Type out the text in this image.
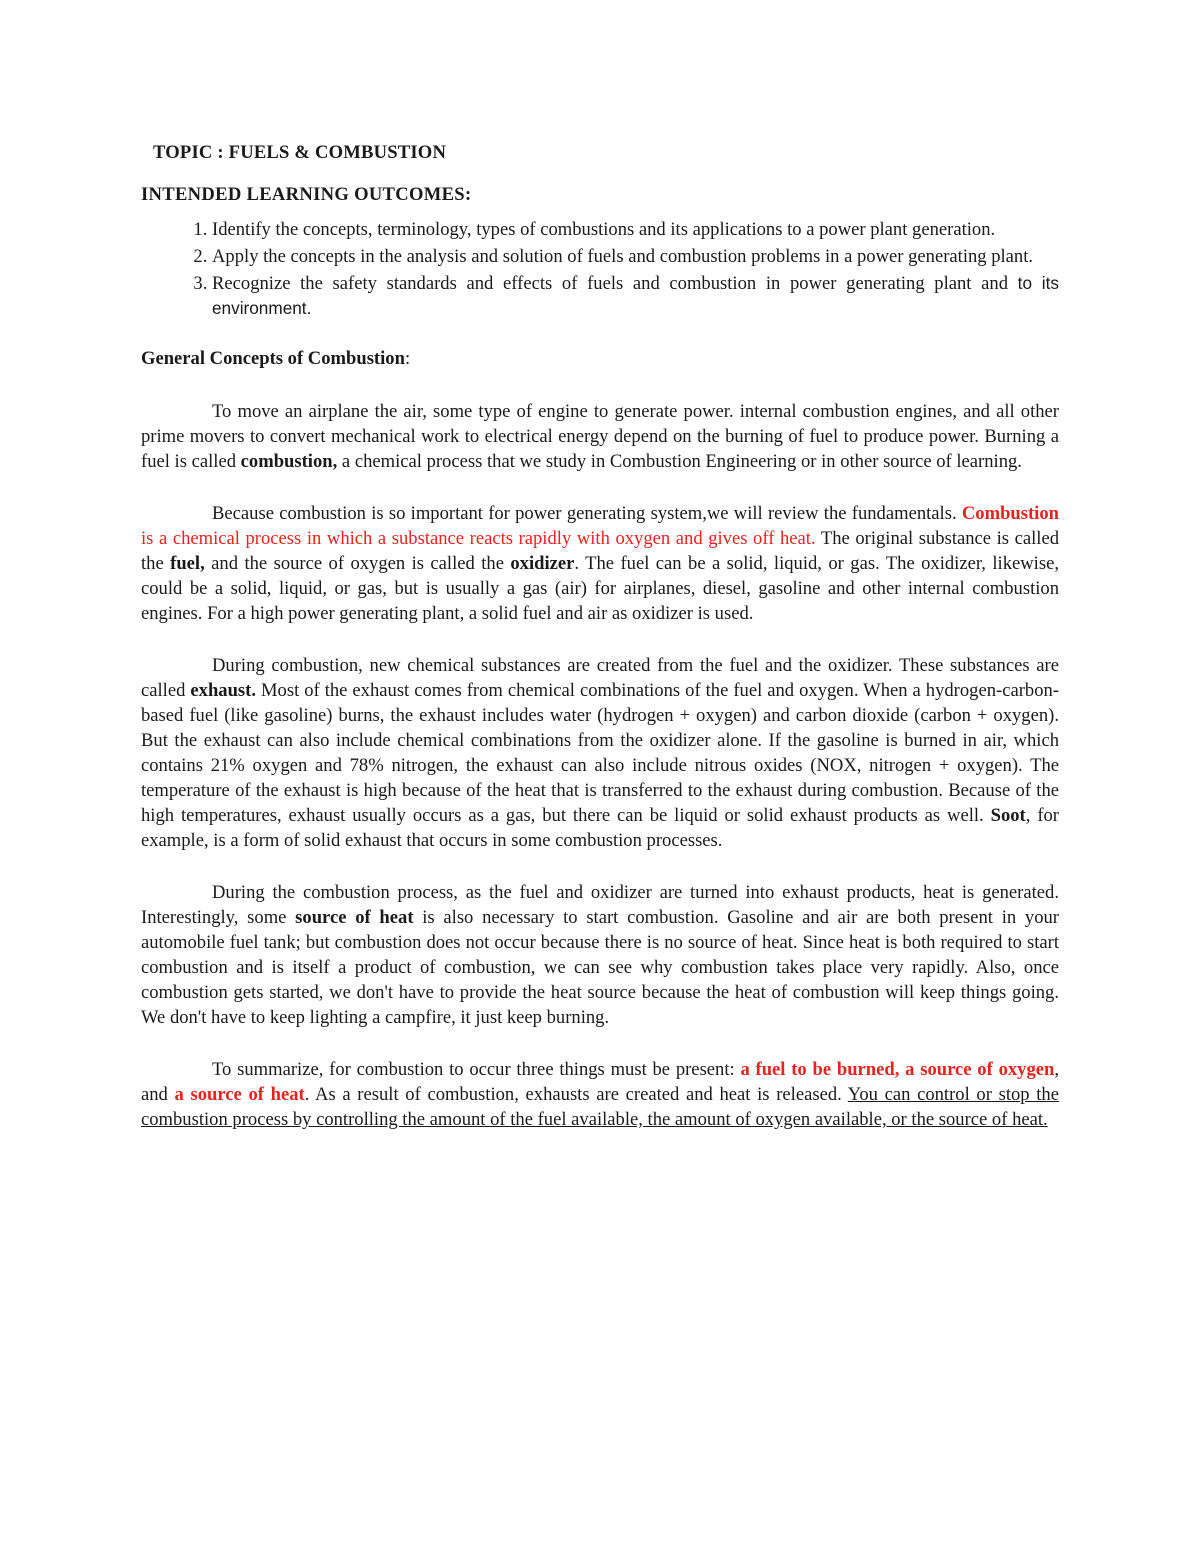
TOPIC : FUELS & COMBUSTION
INTENDED LEARNING OUTCOMES:
1. Identify the concepts, terminology, types of combustions and its applications to a power plant generation.
2. Apply the concepts in the analysis and solution of fuels and combustion problems in a power generating plant.
3. Recognize the safety standards and effects of fuels and combustion in power generating plant and to its environment.
General Concepts of Combustion:

To move an airplane the air, some type of engine to generate power. internal combustion engines, and all other prime movers to convert mechanical work to electrical energy depend on the burning of fuel to produce power. Burning a fuel is called combustion, a chemical process that we study in Combustion Engineering or in other source of learning.

Because combustion is so important for power generating system,we will review the fundamentals. Combustion is a chemical process in which a substance reacts rapidly with oxygen and gives off heat. The original substance is called the fuel, and the source of oxygen is called the oxidizer. The fuel can be a solid, liquid, or gas. The oxidizer, likewise, could be a solid, liquid, or gas, but is usually a gas (air) for airplanes, diesel, gasoline and other internal combustion engines. For a high power generating plant, a solid fuel and air as oxidizer is used.

During combustion, new chemical substances are created from the fuel and the oxidizer. These substances are called exhaust. Most of the exhaust comes from chemical combinations of the fuel and oxygen. When a hydrogen-carbon-based fuel (like gasoline) burns, the exhaust includes water (hydrogen + oxygen) and carbon dioxide (carbon + oxygen). But the exhaust can also include chemical combinations from the oxidizer alone. If the gasoline is burned in air, which contains 21% oxygen and 78% nitrogen, the exhaust can also include nitrous oxides (NOX, nitrogen + oxygen). The temperature of the exhaust is high because of the heat that is transferred to the exhaust during combustion. Because of the high temperatures, exhaust usually occurs as a gas, but there can be liquid or solid exhaust products as well. Soot, for example, is a form of solid exhaust that occurs in some combustion processes.

During the combustion process, as the fuel and oxidizer are turned into exhaust products, heat is generated. Interestingly, some source of heat is also necessary to start combustion. Gasoline and air are both present in your automobile fuel tank; but combustion does not occur because there is no source of heat. Since heat is both required to start combustion and is itself a product of combustion, we can see why combustion takes place very rapidly. Also, once combustion gets started, we don't have to provide the heat source because the heat of combustion will keep things going. We don't have to keep lighting a campfire, it just keep burning.

To summarize, for combustion to occur three things must be present: a fuel to be burned, a source of oxygen, and a source of heat. As a result of combustion, exhausts are created and heat is released. You can control or stop the combustion process by controlling the amount of the fuel available, the amount of oxygen available, or the source of heat.
